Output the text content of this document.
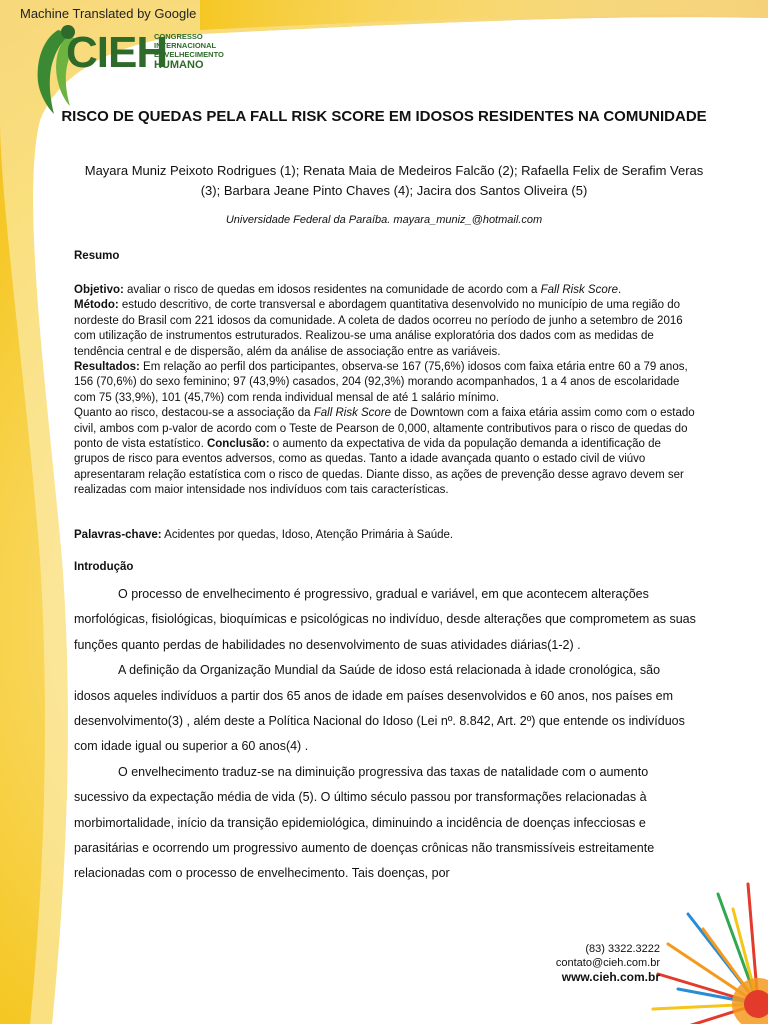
Machine Translated by Google
CIEH
CONGRESSO
INTERNACIONAL
ENVELHECIMENTO
HUMANO
RISCO DE QUEDAS PELA FALL RISK SCORE EM IDOSOS RESIDENTES NA COMUNIDADE
Mayara Muniz Peixoto Rodrigues (1); Renata Maia de Medeiros Falcão (2); Rafaella Felix de Serafim Veras (3); Barbara Jeane Pinto Chaves (4); Jacira dos Santos Oliveira (5)
Universidade Federal da Paraíba. mayara_muniz_@hotmail.com
Resumo

Objetivo: avaliar o risco de quedas em idosos residentes na comunidade de acordo com a Fall Risk Score.
Método: estudo descritivo, de corte transversal e abordagem quantitativa desenvolvido no município de uma região do nordeste do Brasil com 221 idosos da comunidade. A coleta de dados ocorreu no período de junho a setembro de 2016 com utilização de instrumentos estruturados. Realizou-se uma análise exploratória dos dados com as medidas de tendência central e de dispersão, além da análise de associação entre as variáveis.
Resultados: Em relação ao perfil dos participantes, observa-se 167 (75,6%) idosos com faixa etária entre 60 a 79 anos, 156 (70,6%) do sexo feminino; 97 (43,9%) casados, 204 (92,3%) morando acompanhados, 1 a 4 anos de escolaridade com 75 (33,9%), 101 (45,7%) com renda individual mensal de até 1 salário mínimo.
Quanto ao risco, destacou-se a associação da Fall Risk Score de Downtown com a faixa etária assim como com o estado civil, ambos com p-valor de acordo com o Teste de Pearson de 0,000, altamente contributivos para o risco de quedas do ponto de vista estatístico. Conclusão: o aumento da expectativa de vida da população demanda a identificação de grupos de risco para eventos adversos, como as quedas. Tanto a idade avançada quanto o estado civil de viúvo apresentaram relação estatística com o risco de quedas. Diante disso, as ações de prevenção desse agravo devem ser realizadas com maior intensidade nos indivíduos com tais características.

Palavras-chave: Acidentes por quedas, Idoso, Atenção Primária à Saúde.
Introdução

O processo de envelhecimento é progressivo, gradual e variável, em que acontecem alterações morfológicas, fisiológicas, bioquímicas e psicológicas no indivíduo, desde alterações que comprometem as suas funções quanto perdas de habilidades no desenvolvimento de suas atividades diárias(1-2) .

A definição da Organização Mundial da Saúde de idoso está relacionada à idade cronológica, são idosos aqueles indivíduos a partir dos 65 anos de idade em países desenvolvidos e 60 anos, nos países em desenvolvimento(3) , além deste a Política Nacional do Idoso (Lei nº. 8.842, Art. 2º) que entende os indivíduos com idade igual ou superior a 60 anos(4) .

O envelhecimento traduz-se na diminuição progressiva das taxas de natalidade com o aumento sucessivo da expectação média de vida (5). O último século passou por transformações relacionadas à morbimortalidade, início da transição epidemiológica, diminuindo a incidência de doenças infecciosas e parasitárias e ocorrendo um progressivo aumento de doenças crônicas não transmissíveis estreitamente relacionadas com o processo de envelhecimento. Tais doenças, por

(83) 3322.3222
contato@cieh.com.br
www.cieh.com.br
